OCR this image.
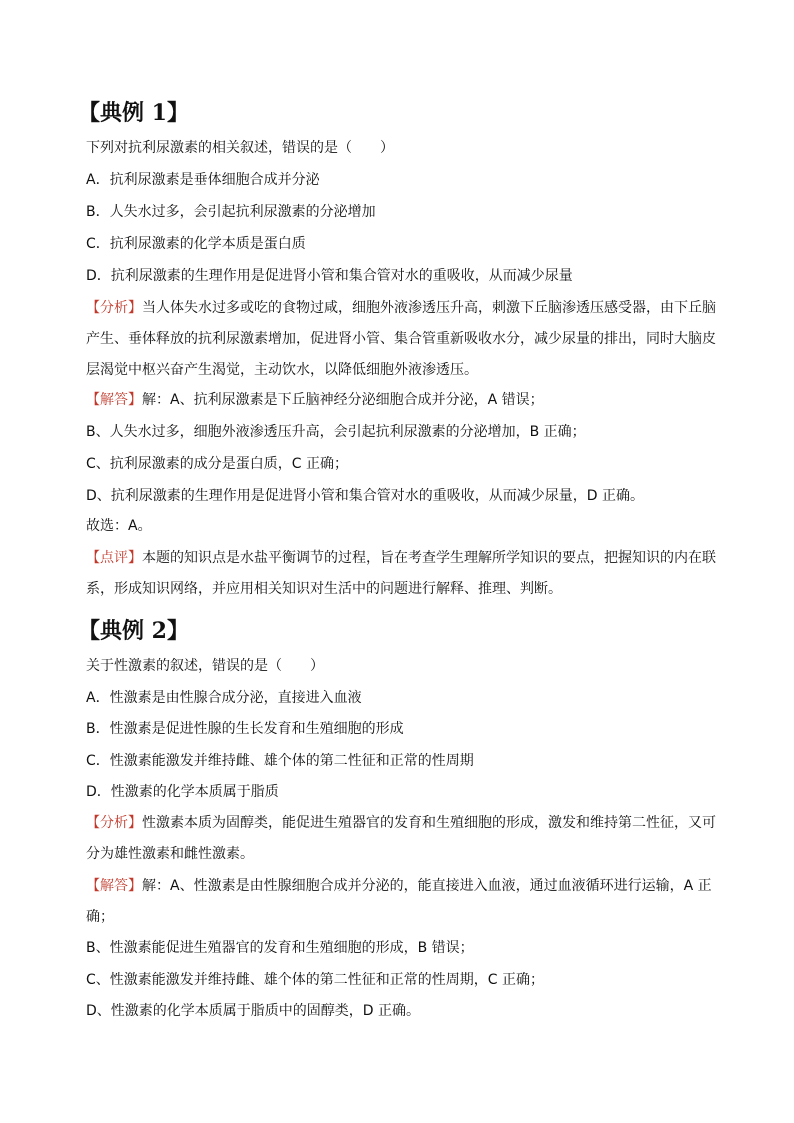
【典例 1】
下列对抗利尿激素的相关叙述，错误的是（　　）
A．抗利尿激素是垂体细胞合成并分泌
B．人失水过多，会引起抗利尿激素的分泌增加
C．抗利尿激素的化学本质是蛋白质
D．抗利尿激素的生理作用是促进肾小管和集合管对水的重吸收，从而减少尿量
【分析】当人体失水过多或吃的食物过咸，细胞外液渗透压升高，刺激下丘脑渗透压感受器，由下丘脑产生、垂体释放的抗利尿激素增加，促进肾小管、集合管重新吸收水分，减少尿量的排出，同时大脑皮层渴觉中枢兴奋产生渴觉，主动饮水，以降低细胞外液渗透压。
【解答】解：A、抗利尿激素是下丘脑神经分泌细胞合成并分泌，A 错误；
B、人失水过多，细胞外液渗透压升高，会引起抗利尿激素的分泌增加，B 正确；
C、抗利尿激素的成分是蛋白质，C 正确；
D、抗利尿激素的生理作用是促进肾小管和集合管对水的重吸收，从而减少尿量，D 正确。
故选：A。
【点评】本题的知识点是水盐平衡调节的过程，旨在考查学生理解所学知识的要点，把握知识的内在联系，形成知识网络，并应用相关知识对生活中的问题进行解释、推理、判断。
【典例 2】
关于性激素的叙述，错误的是（　　）
A．性激素是由性腺合成分泌，直接进入血液
B．性激素是促进性腺的生长发育和生殖细胞的形成
C．性激素能激发并维持雌、雄个体的第二性征和正常的性周期
D．性激素的化学本质属于脂质
【分析】性激素本质为固醇类，能促进生殖器官的发育和生殖细胞的形成，激发和维持第二性征，又可分为雄性激素和雌性激素。
【解答】解：A、性激素是由性腺细胞合成并分泌的，能直接进入血液，通过血液循环进行运输，A 正确；
B、性激素能促进生殖器官的发育和生殖细胞的形成，B 错误；
C、性激素能激发并维持雌、雄个体的第二性征和正常的性周期，C 正确；
D、性激素的化学本质属于脂质中的固醇类，D 正确。
